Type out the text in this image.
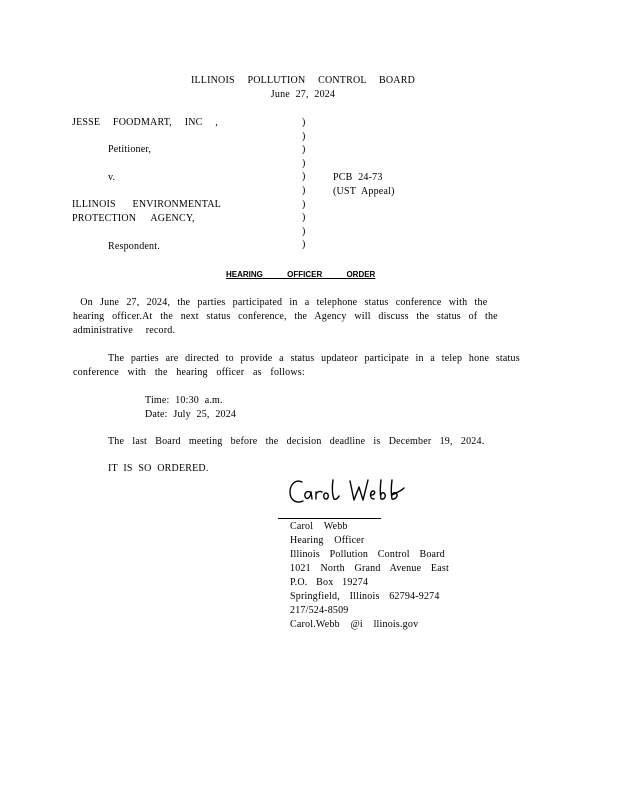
ILLINOIS POLLUTION CONTROL BOARD
June 27, 2024
JESSE FOODMART, INC ,
Petitioner,
v.
ILLINOIS ENVIRONMENTAL
PROTECTION AGENCY,
Respondent.
)
)
)
)
)
)
)
)
)
)
PCB 24-73
(UST Appeal)
HEARING OFFICER ORDER
On June 27, 2024, the parties participated in a telephone status conference with the
hearing officer.At the next status conference, the Agency will discuss the status of the
administrative record.
The parties are directed to provide a status updateor participate in a telep hone status
conference with the hearing officer as follows:
Time: 10:30 a.m.
Date: July 25, 2024
The last Board meeting before the decision deadline is December 19, 2024.
IT IS SO ORDERED.
Carol Webb
Hearing Officer
Illinois Pollution Control Board
1021 North Grand Avenue East
P.O. Box 19274
Springfield, Illinois 62794-9274
217/524-8509
Carol.Webb @i llinois.gov
